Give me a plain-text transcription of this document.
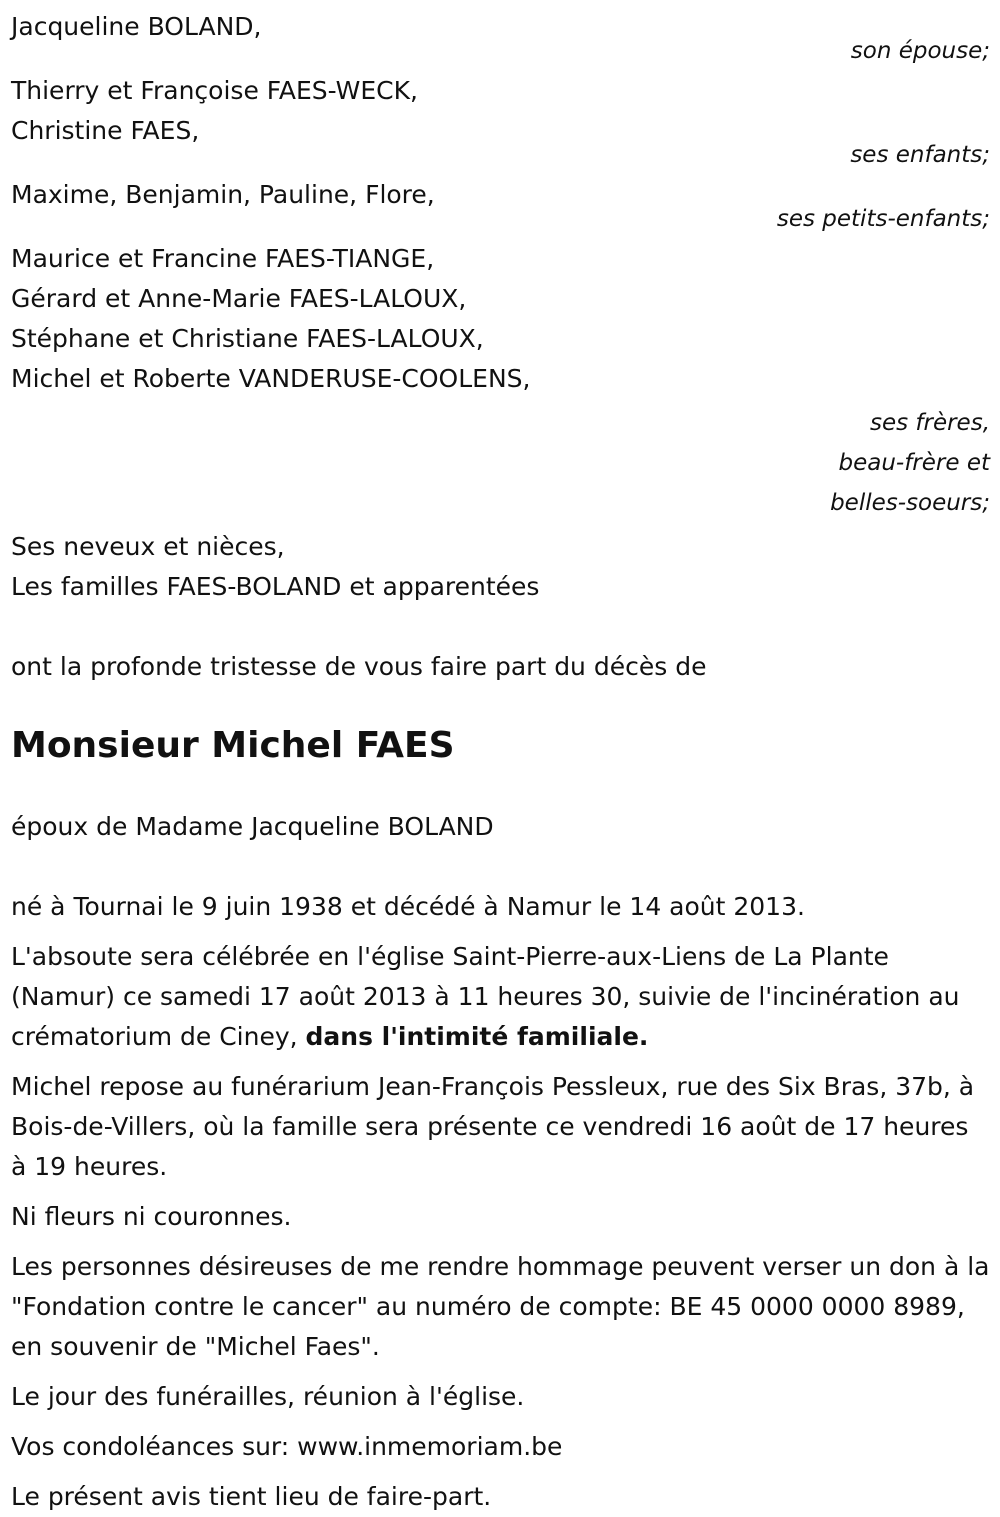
Jacqueline BOLAND,
son épouse;
Thierry et Françoise FAES-WECK,
Christine FAES,
ses enfants;
Maxime, Benjamin, Pauline, Flore,
ses petits-enfants;
Maurice et Francine FAES-TIANGE,
Gérard et Anne-Marie FAES-LALOUX,
Stéphane et Christiane FAES-LALOUX,
Michel et Roberte VANDERUSE-COOLENS,
ses frères,
beau-frère et
belles-soeurs;
Ses neveux et nièces,
Les familles FAES-BOLAND et apparentées
ont la profonde tristesse de vous faire part du décès de
Monsieur Michel FAES
époux de Madame Jacqueline BOLAND
né à Tournai le 9 juin 1938 et décédé à Namur le 14 août 2013.

L'absoute sera célébrée en l'église Saint-Pierre-aux-Liens de La Plante (Namur) ce samedi 17 août 2013 à 11 heures 30, suivie de l'incinération au crématorium de Ciney, dans l'intimité familiale.

Michel repose au funérarium Jean-François Pessleux, rue des Six Bras, 37b, à Bois-de-Villers, où la famille sera présente ce vendredi 16 août de 17 heures à 19 heures.

Ni fleurs ni couronnes.

Les personnes désireuses de me rendre hommage peuvent verser un don à la "Fondation contre le cancer" au numéro de compte: BE 45 0000 0000 8989, en souvenir de "Michel Faes".

Le jour des funérailles, réunion à l'église.

Vos condoléances sur: www.inmemoriam.be

Le présent avis tient lieu de faire-part.
